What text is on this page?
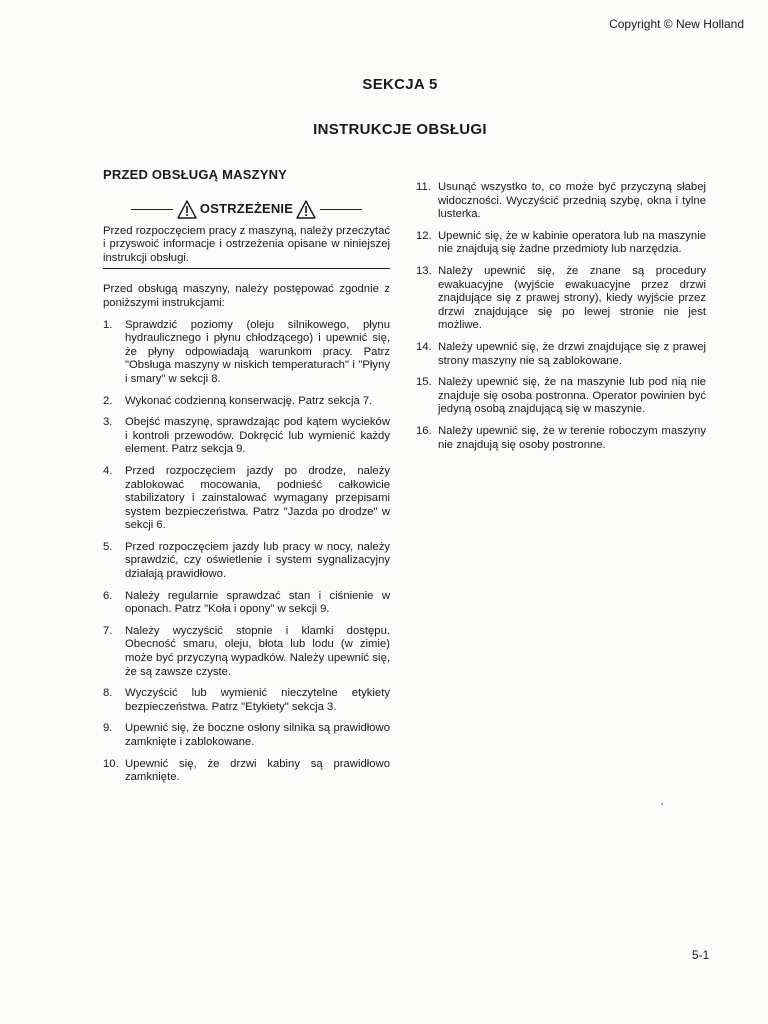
Copyright © New Holland
SEKCJA 5
INSTRUKCJE OBSŁUGI
PRZED OBSŁUGĄ MASZYNY
OSTRZEŻENIE
Przed rozpoczęciem pracy z maszyną, należy przeczytać i przyswoić informacje i ostrzeżenia opisane w niniejszej instrukcji obsługi.
Przed obsługą maszyny, należy postępować zgodnie z poniższymi instrukcjami:
1.	Sprawdzić poziomy (oleju silnikowego, płynu hydraulicznego i płynu chłodzącego) i upewnić się, że płyny odpowiadają warunkom pracy. Patrz "Obsługa maszyny w niskich temperaturach" i "Płyny i smary" w sekcji 8.
2.	Wykonać codzienną konserwację. Patrz sekcja 7.
3.	Obejść maszynę, sprawdzając pod kątem wycieków i kontroli przewodów. Dokręcić lub wymienić każdy element. Patrz sekcja 9.
4.	Przed rozpoczęciem jazdy po drodze, należy zablokować mocowania, podnieść całkowicie stabilizatory i zainstalować wymagany przepisami system bezpieczeństwa. Patrz "Jazda po drodze" w sekcji 6.
5.	Przed rozpoczęciem jazdy lub pracy w nocy, należy sprawdzić, czy oświetlenie i system sygnalizacyjny działają prawidłowo.
6.	Należy regularnie sprawdzać stan i ciśnienie w oponach. Patrz "Koła i opony" w sekcji 9.
7.	Należy wyczyścić stopnie i klamki dostępu. Obecność smaru, oleju, błota lub lodu (w zimie) może być przyczyną wypadków. Należy upewnić się, że są zawsze czyste.
8.	Wyczyścić lub wymienić nieczytelne etykiety bezpieczeństwa. Patrz "Etykiety" sekcja 3.
9.	Upewnić się, że boczne osłony silnika są prawidłowo zamknięte i zablokowane.
10. Upewnić się, że drzwi kabiny są prawidłowo zamknięte.
11. Usunąć wszystko to, co może być przyczyną słabej widoczności. Wyczyścić przednią szybę, okna i tylne lusterka.
12. Upewnić się, że w kabinie operatora lub na maszynie nie znajdują się żadne przedmioty lub narzędzia.
13. Należy upewnić się, że znane są procedury ewakuacyjne (wyjście ewakuacyjne przez drzwi znajdujące się z prawej strony), kiedy wyjście przez drzwi znajdujące się po lewej stronie nie jest możliwe.
14. Należy upewnić się, że drzwi znajdujące się z prawej strony maszyny nie są zablokowane.
15. Należy upewnić się, że na maszynie lub pod nią nie znajduje się osoba postronna. Operator powinien być jedyną osobą znajdującą się w maszynie.
16. Należy upewnić się, że w terenie roboczym maszyny nie znajdują się osoby postronne.
5-1
